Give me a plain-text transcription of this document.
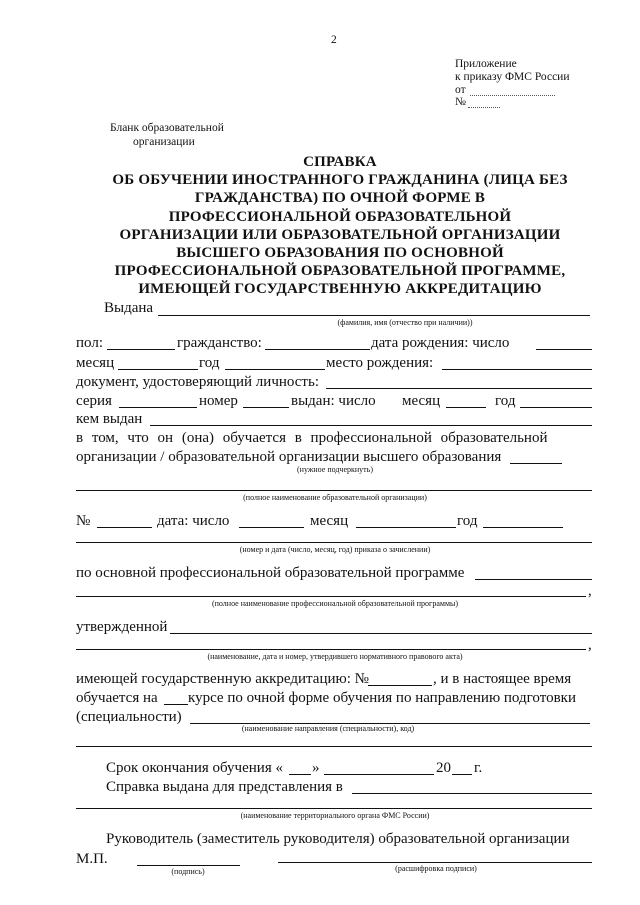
2
Приложение
к приказу ФМС России
от
№
Бланк образовательной
организации
СПРАВКА
ОБ ОБУЧЕНИИ ИНОСТРАННОГО ГРАЖДАНИНА (ЛИЦА БЕЗ
ГРАЖДАНСТВА) ПО ОЧНОЙ ФОРМЕ В
ПРОФЕССИОНАЛЬНОЙ ОБРАЗОВАТЕЛЬНОЙ
ОРГАНИЗАЦИИ ИЛИ ОБРАЗОВАТЕЛЬНОЙ ОРГАНИЗАЦИИ
ВЫСШЕГО ОБРАЗОВАНИЯ ПО ОСНОВНОЙ
ПРОФЕССИОНАЛЬНОЙ ОБРАЗОВАТЕЛЬНОЙ ПРОГРАММЕ,
ИМЕЮЩЕЙ ГОСУДАРСТВЕННУЮ АККРЕДИТАЦИЮ
Выдана
(фамилия, имя (отчество при наличии))
пол:	гражданство:	дата рождения: число
месяц	год	место рождения:
документ, удостоверяющий личность:
серия	номер	выдан: число месяц	год
кем выдан
в том, что он (она) обучается в профессиональной образовательной
организации / образовательной организации высшего образования
(нужное подчеркнуть)
(полное наименование образовательной организации)
№	дата: число	месяц	год
(номер и дата (число, месяц, год) приказа о зачислении)
по основной профессиональной образовательной программе
,
(полное наименование профессиональной образовательной программы)
утвержденной
,
(наименование, дата и номер, утвердившего нормативного правового акта)
имеющей государственную аккредитацию: №	, и в настоящее время
обучается на курсе по очной форме обучения по направлению подготовки
(специальности)
(наименование направления (специальности), код)
Срок окончания обучения « »	20 г.
Справка выдана для представления в
(наименование территориального органа ФМС России)
Руководитель (заместитель руководителя) образовательной организации
М.П.
(подпись)	(расшифровка подписи)
